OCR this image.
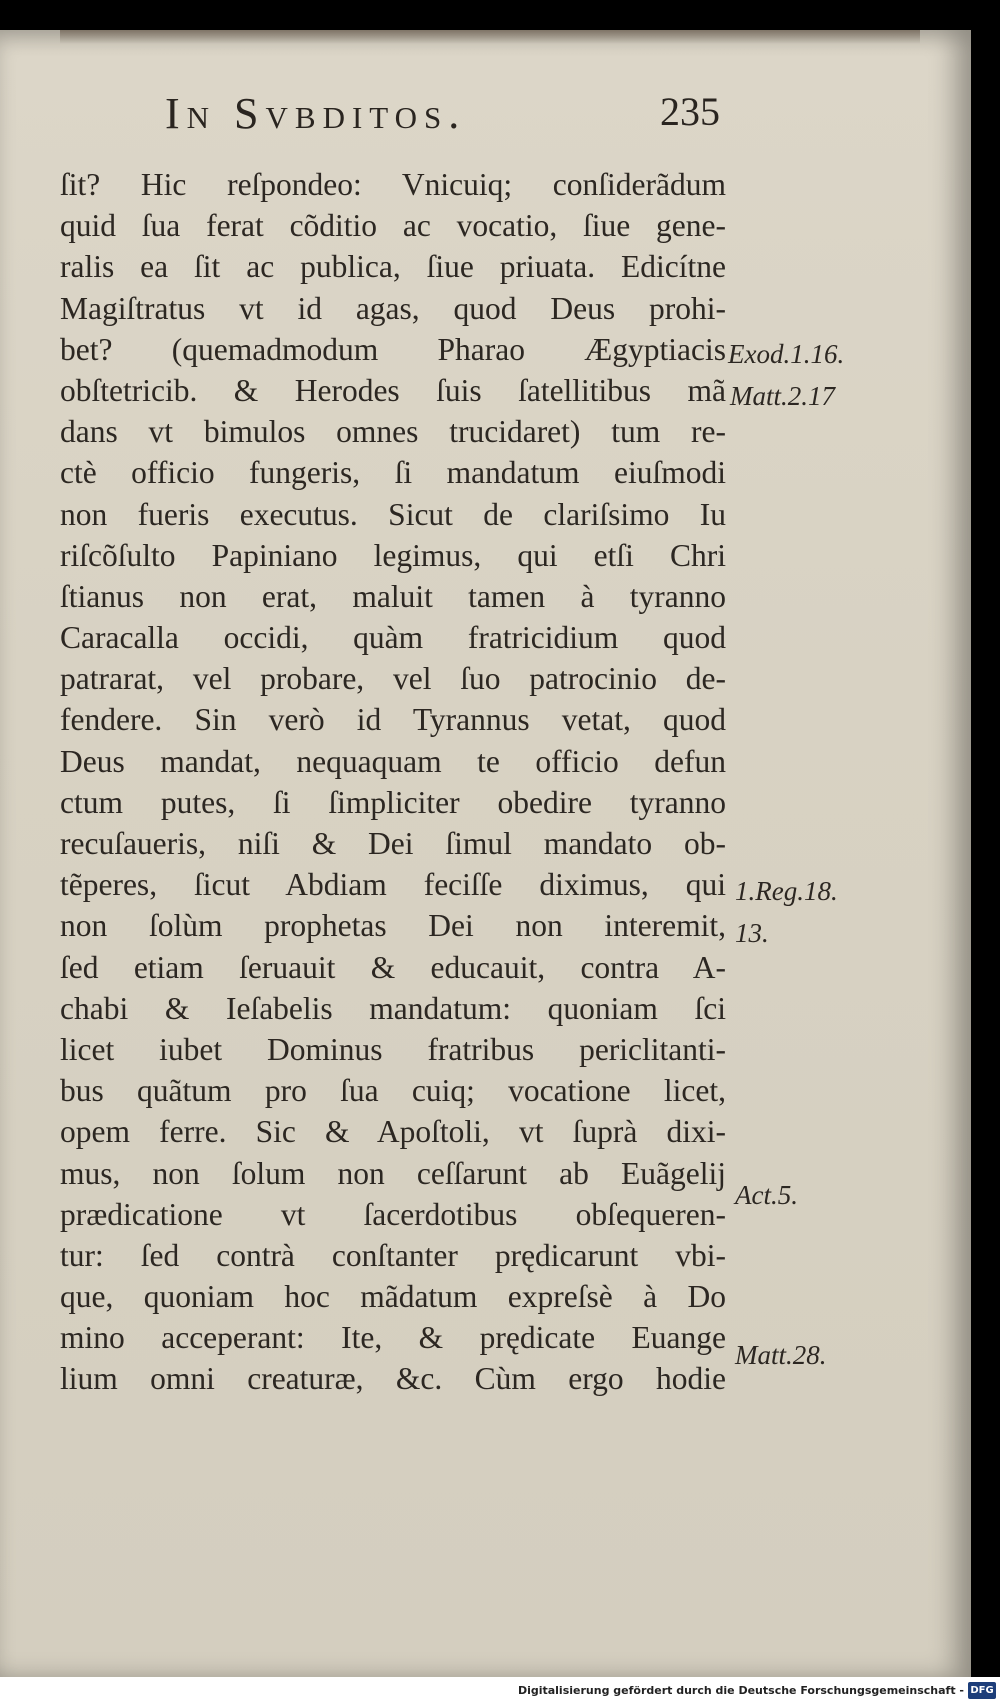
In Svbditos.	235
ſit? Hic reſpondeo: Vnicuiq; conſiderãdum
quid ſua ferat cõditio ac vocatio, ſiue gene-
ralis ea ſit ac publica, ſiue priuata. Edicítne
Magiſtratus vt id agas, quod Deus prohi-
bet? (quemadmodum Pharao Ægyptiacis
obſtetricib. & Herodes ſuis ſatellitibus mã
dans vt bimulos omnes trucidaret) tum re-
ctè officio fungeris, ſi mandatum eiuſmodi
non fueris executus. Sicut de clariſsimo Iu
riſcõſulto Papiniano legimus, qui etſi Chri
ſtianus non erat, maluit tamen à tyranno
Caracalla occidi, quàm fratricidium quod
patrarat, vel probare, vel ſuo patrocinio de-
fendere. Sin verò id Tyrannus vetat, quod
Deus mandat, nequaquam te officio defun
ctum putes, ſi ſimpliciter obedire tyranno
recuſaueris, niſi & Dei ſimul mandato ob-
tẽperes, ſicut Abdiam feciſſe diximus, qui
non ſolùm prophetas Dei non interemit,
ſed etiam ſeruauit & educauit, contra A-
chabi & Ieſabelis mandatum: quoniam ſci
licet iubet Dominus fratribus periclitanti-
bus quãtum pro ſua cuiq; vocatione licet,
opem ferre. Sic & Apoſtoli, vt ſuprà dixi-
mus, non ſolum non ceſſarunt ab Euãgelij
prædicatione vt ſacerdotibus obſequeren-
tur: ſed contrà conſtanter prędicarunt vbi-
que, quoniam hoc mãdatum expreſsè à Do
mino acceperant: Ite, & prędicate Euange
lium omni creaturæ, &c. Cùm ergo hodie
Exod.1.16.
Matt.2.17
1.Reg.18.
13.
Act.5.
Matt.28.
Digitalisierung gefördert durch die Deutsche Forschungsgemeinschaft - DFG
